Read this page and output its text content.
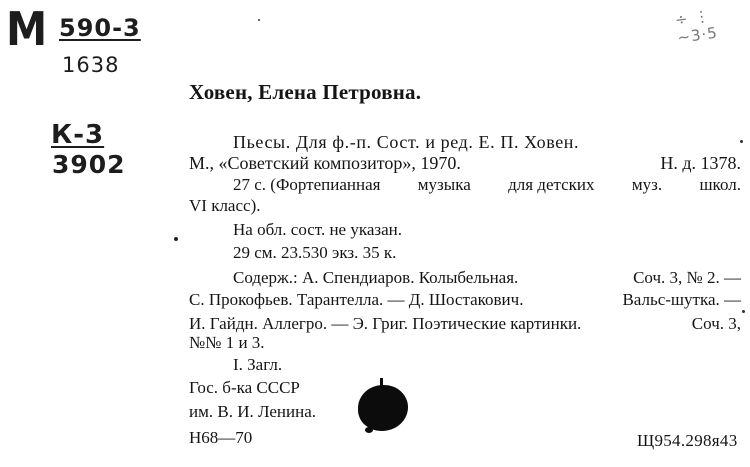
М 590-3
1638
К-3
3902
÷ ⋮ ~3·5
Ховен, Елена Петровна.
Пьесы. Для ф.-п. Сост. и ред. Е. П. Ховен.
М., «Советский композитор», 1970.	Н. д. 1378.
27 с. (Фортепианная музыка для детских муз. школ.
VI класс).
На обл. сост. не указан.
29 см. 23.530 экз. 35 к.
Содерж.: А. Спендиаров. Колыбельная.	Соч. 3, № 2. —
С. Прокофьев. Тарантелла. — Д. Шостакович.	Вальс-шутка. —
И. Гайдн. Аллегро. — Э. Григ. Поэтические картинки.	Соч. 3,
№№ 1 и 3.
I. Загл.
Гос. б-ка СССР
им. В. И. Ленина.
Н68—70	Щ954.298я43
